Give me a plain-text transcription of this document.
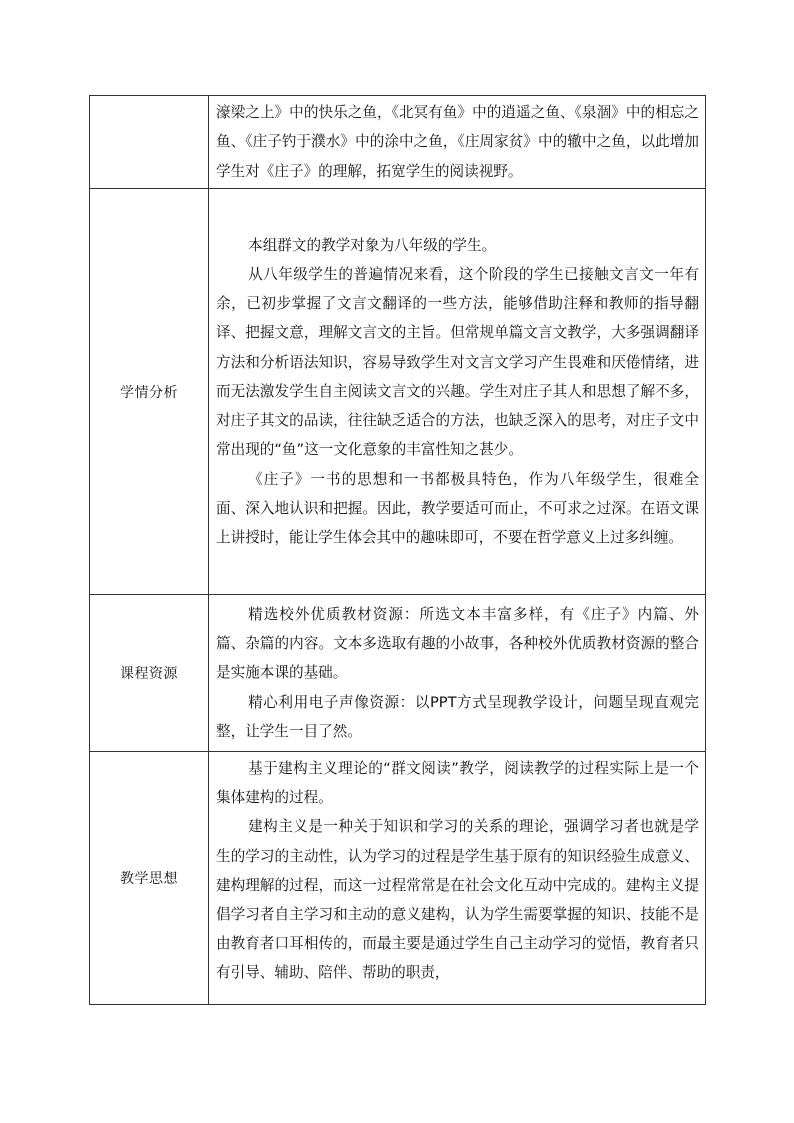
	濠梁之上》中的快乐之鱼，《北冥有鱼》中的逍遥之鱼、《泉涸》中的相忘之鱼、《庄子钓于濮水》中的涂中之鱼，《庄周家贫》中的辙中之鱼，以此增加学生对《庄子》的理解，拓宽学生的阅读视野。

学情分析	本组群文的教学对象为八年级的学生。

从八年级学生的普遍情况来看，这个阶段的学生已接触文言文一年有余，已初步掌握了文言文翻译的一些方法，能够借助注释和教师的指导翻译、把握文意，理解文言文的主旨。但常规单篇文言文教学，大多强调翻译方法和分析语法知识，容易导致学生对文言文学习产生畏难和厌倦情绪，进而无法激发学生自主阅读文言文的兴趣。学生对庄子其人和思想了解不多，对庄子其文的品读，往往缺乏适合的方法，也缺乏深入的思考，对庄子文中常出现的“鱼”这一文化意象的丰富性知之甚少。

《庄子》一书的思想和一书都极具特色，作为八年级学生，很难全面、深入地认识和把握。因此，教学要适可而止，不可求之过深。在语文课上讲授时，能让学生体会其中的趣味即可，不要在哲学意义上过多纠缠。

课程资源	精选校外优质教材资源：所选文本丰富多样，有《庄子》内篇、外篇、杂篇的内容。文本多选取有趣的小故事，各种校外优质教材资源的整合是实施本课的基础。

精心利用电子声像资源：以PPT方式呈现教学设计，问题呈现直观完整，让学生一目了然。

教学思想	基于建构主义理论的“群文阅读”教学，阅读教学的过程实际上是一个集体建构的过程。

建构主义是一种关于知识和学习的关系的理论，强调学习者也就是学生的学习的主动性，认为学习的过程是学生基于原有的知识经验生成意义、建构理解的过程，而这一过程常常是在社会文化互动中完成的。建构主义提倡学习者自主学习和主动的意义建构，认为学生需要掌握的知识、技能不是由教育者口耳相传的，而最主要是通过学生自己主动学习的觉悟，教育者只有引导、辅助、陪伴、帮助的职责，
